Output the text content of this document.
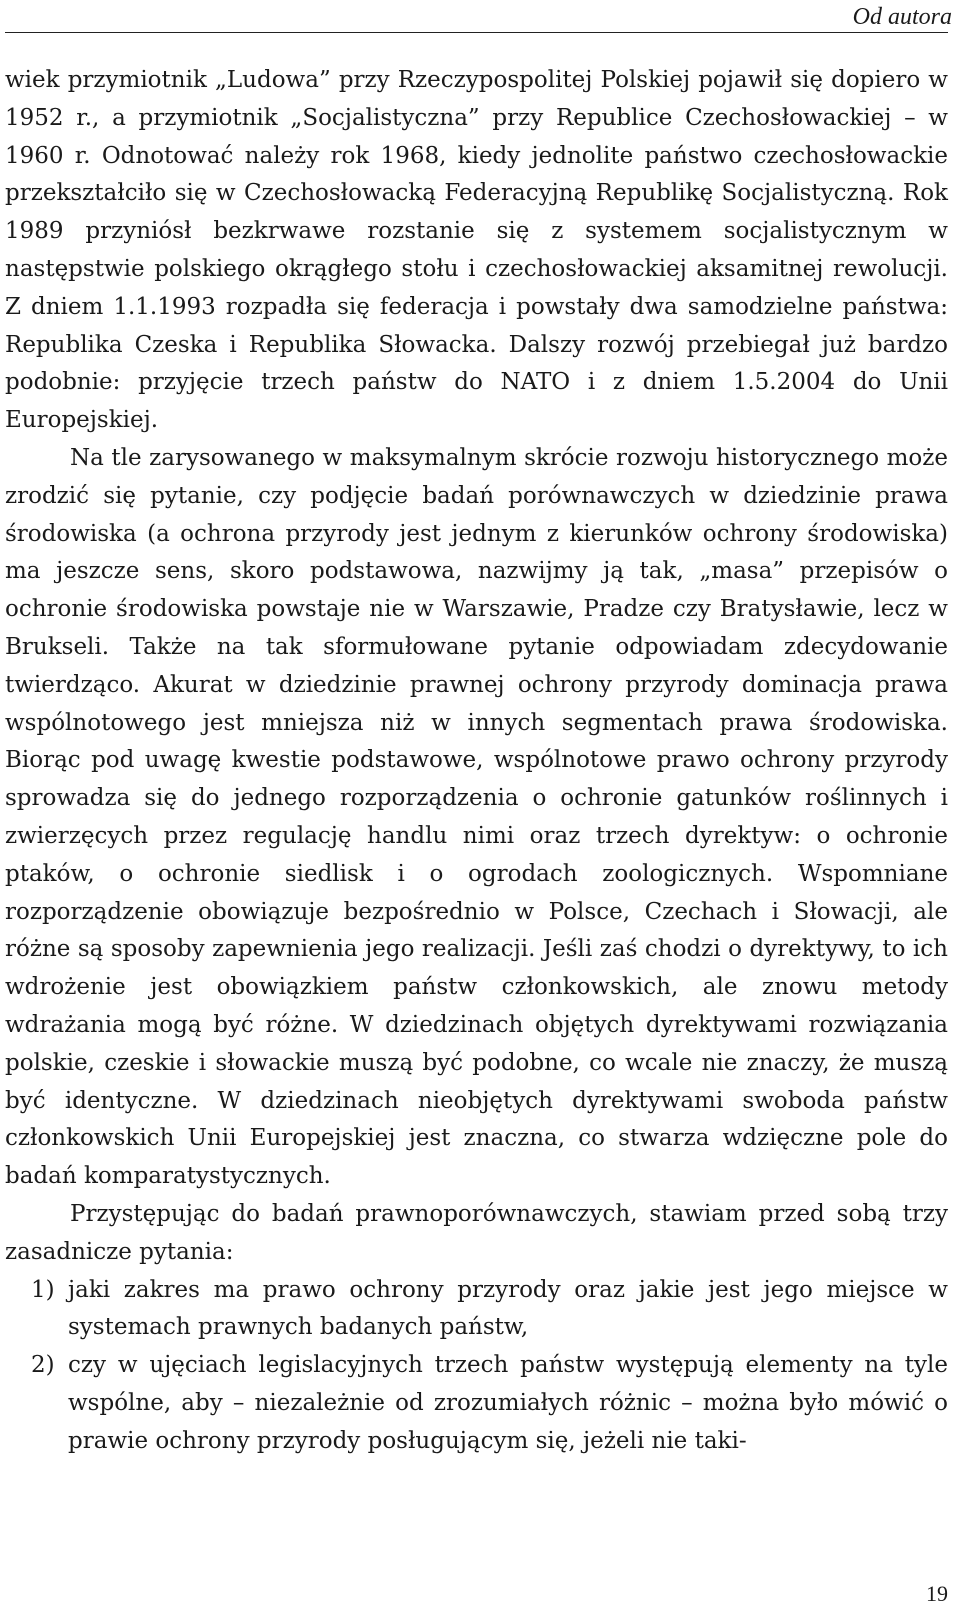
Od autora

wiek przymiotnik „Ludowa” przy Rzeczypospolitej Polskiej pojawił się dopiero w 1952 r., a przymiotnik „Socjalistyczna” przy Republice Czechosłowackiej – w 1960 r. Odnotować należy rok 1968, kiedy jednolite państwo czechosłowackie przekształciło się w Czechosłowacką Federacyjną Republikę Socjalistyczną. Rok 1989 przyniósł bezkrwawe rozstanie się z systemem socjalistycznym w następstwie polskiego okrągłego stołu i czechosłowackiej aksamitnej rewolucji. Z dniem 1.1.1993 rozpadła się federacja i powstały dwa samodzielne państwa: Republika Czeska i Republika Słowacka. Dalszy rozwój przebiegał już bardzo podobnie: przyjęcie trzech państw do NATO i z dniem 1.5.2004 do Unii Europejskiej.

Na tle zarysowanego w maksymalnym skrócie rozwoju historycznego może zrodzić się pytanie, czy podjęcie badań porównawczych w dziedzinie prawa środowiska (a ochrona przyrody jest jednym z kierunków ochrony środowiska) ma jeszcze sens, skoro podstawowa, nazwijmy ją tak, „masa” przepisów o ochronie środowiska powstaje nie w Warszawie, Pradze czy Bratysławie, lecz w Brukseli. Także na tak sformułowane pytanie odpowiadam zdecydowanie twierdząco. Akurat w dziedzinie prawnej ochrony przyrody dominacja prawa wspólnotowego jest mniejsza niż w innych segmentach prawa środowiska. Biorąc pod uwagę kwestie podstawowe, wspólnotowe prawo ochrony przyrody sprowadza się do jednego rozporządzenia o ochronie gatunków roślinnych i zwierzęcych przez regulację handlu nimi oraz trzech dyrektyw: o ochronie ptaków, o ochronie siedlisk i o ogrodach zoologicznych. Wspomniane rozporządzenie obowiązuje bezpośrednio w Polsce, Czechach i Słowacji, ale różne są sposoby zapewnienia jego realizacji. Jeśli zaś chodzi o dyrektywy, to ich wdrożenie jest obowiązkiem państw członkowskich, ale znowu metody wdrażania mogą być różne. W dziedzinach objętych dyrektywami rozwiązania polskie, czeskie i słowackie muszą być podobne, co wcale nie znaczy, że muszą być identyczne. W dziedzinach nieobjętych dyrektywami swoboda państw członkowskich Unii Europejskiej jest znaczna, co stwarza wdzięczne pole do badań komparatystycznych.

Przystępując do badań prawnoporównawczych, stawiam przed sobą trzy zasadnicze pytania:

1) jaki zakres ma prawo ochrony przyrody oraz jakie jest jego miejsce w systemach prawnych badanych państw,
2) czy w ujęciach legislacyjnych trzech państw występują elementy na tyle wspólne, aby – niezależnie od zrozumiałych różnic – można było mówić o prawie ochrony przyrody posługującym się, jeżeli nie taki-
19
